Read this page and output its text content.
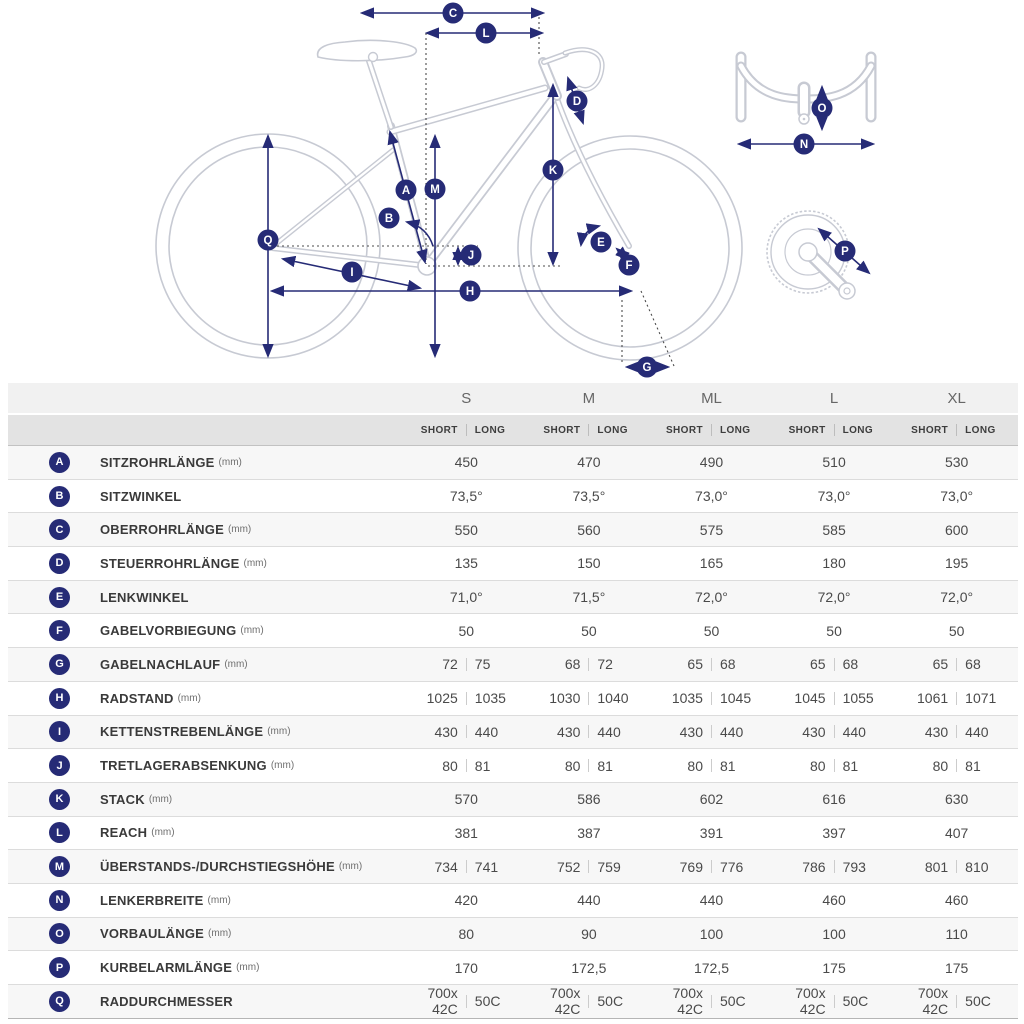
A
B
C
D
E
F
G
H
I
J
K
L
M
N
O
P
Q
S	M	ML	L	XL
SHORT	LONG	SHORT	LONG	SHORT	LONG	SHORT	LONG	SHORT	LONG
A	SITZROHRLÄNGE (mm)	450	470	490	510	530
B	SITZWINKEL	73,5°	73,5°	73,0°	73,0°	73,0°
C	OBERROHRLÄNGE (mm)	550	560	575	585	600
D	STEUERROHRLÄNGE (mm)	135	150	165	180	195
E	LENKWINKEL	71,0°	71,5°	72,0°	72,0°	72,0°
F	GABELVORBIEGUNG (mm)	50	50	50	50	50
G	GABELNACHLAUF (mm)	72	75	68	72	65	68	65	68	65	68
H	RADSTAND (mm)	1025	1035	1030	1040	1035	1045	1045	1055	1061	1071
I	KETTENSTREBENLÄNGE (mm)	430	440	430	440	430	440	430	440	430	440
J	TRETLAGERABSENKUNG (mm)	80	81	80	81	80	81	80	81	80	81
K	STACK (mm)	570	586	602	616	630
L	REACH (mm)	381	387	391	397	407
M	ÜBERSTANDS-/DURCHSTIEGSHÖHE (mm)	734	741	752	759	769	776	786	793	801	810
N	LENKERBREITE (mm)	420	440	440	460	460
O	VORBAULÄNGE (mm)	80	90	100	100	110
P	KURBELARMLÄNGE (mm)	170	172,5	172,5	175	175
Q	RADDURCHMESSER	700x 42C	50C	700x 42C	50C	700x 42C	50C	700x 42C	50C	700x 42C	50C
